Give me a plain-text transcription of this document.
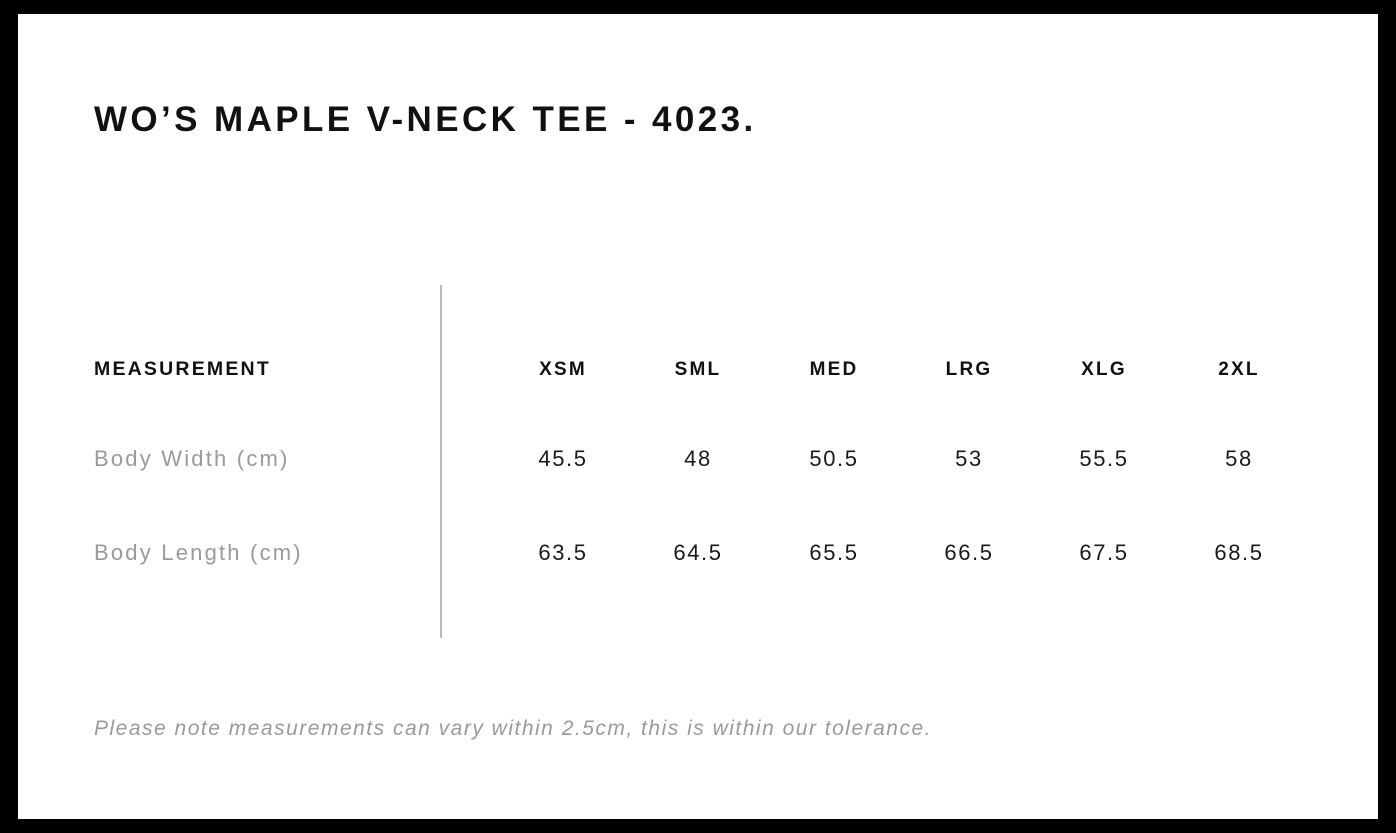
WO’S MAPLE V-NECK TEE - 4023.
MEASUREMENT	XSM	SML	MED	LRG	XLG	2XL
Body Width (cm)	45.5	48	50.5	53	55.5	58
Body Length (cm)	63.5	64.5	65.5	66.5	67.5	68.5
Please note measurements can vary within 2.5cm, this is within our tolerance.
